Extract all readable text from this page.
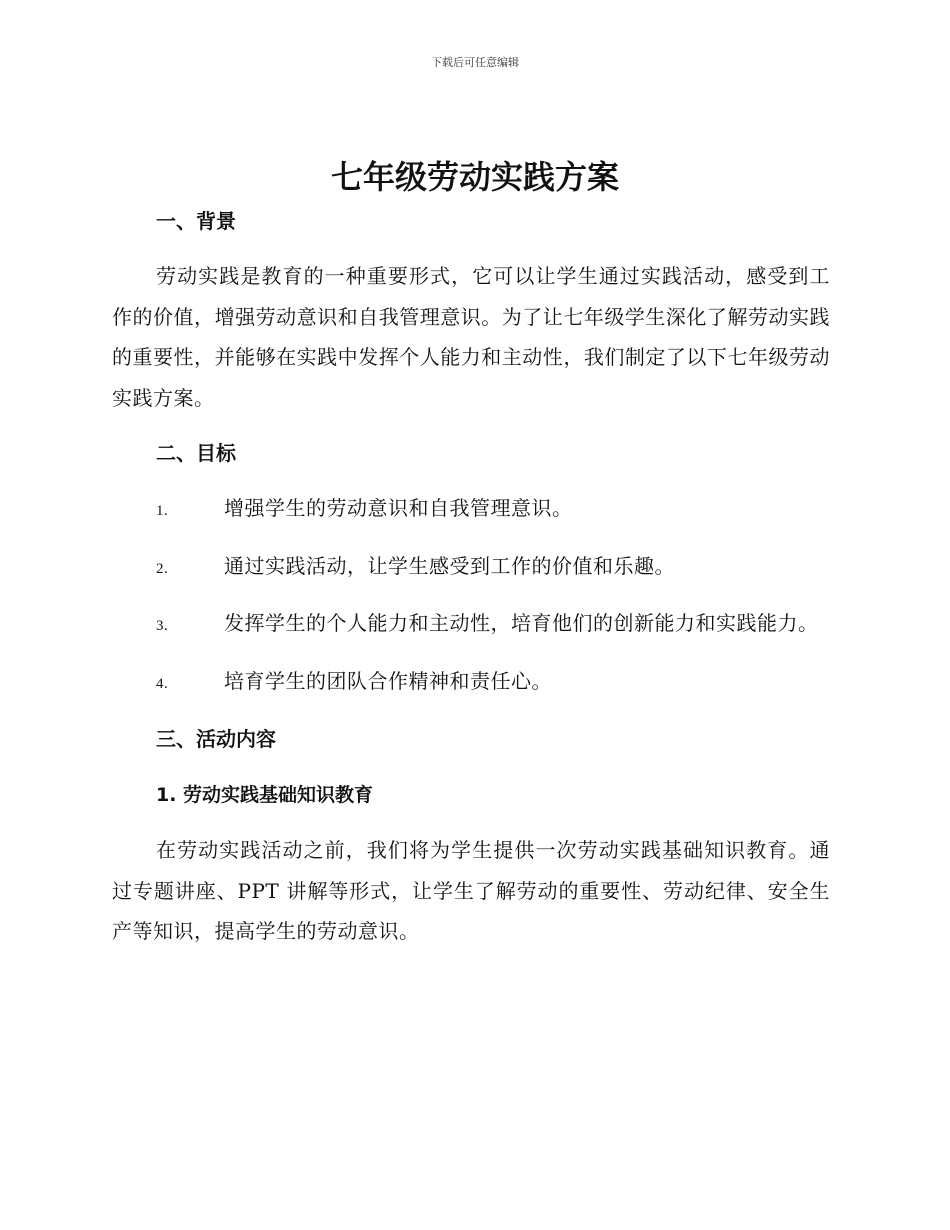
下载后可任意编辑
七年级劳动实践方案
一、背景

劳动实践是教育的一种重要形式，它可以让学生通过实践活动，感受到工作的价值，增强劳动意识和自我管理意识。为了让七年级学生深化了解劳动实践的重要性，并能够在实践中发挥个人能力和主动性，我们制定了以下七年级劳动实践方案。

二、目标

1.	增强学生的劳动意识和自我管理意识。

2.	通过实践活动，让学生感受到工作的价值和乐趣。

3.	发挥学生的个人能力和主动性，培育他们的创新能力和实践能力。

4.	培育学生的团队合作精神和责任心。

三、活动内容
1. 劳动实践基础知识教育

在劳动实践活动之前，我们将为学生提供一次劳动实践基础知识教育。通过专题讲座、PPT 讲解等形式，让学生了解劳动的重要性、劳动纪律、安全生产等知识，提高学生的劳动意识。
